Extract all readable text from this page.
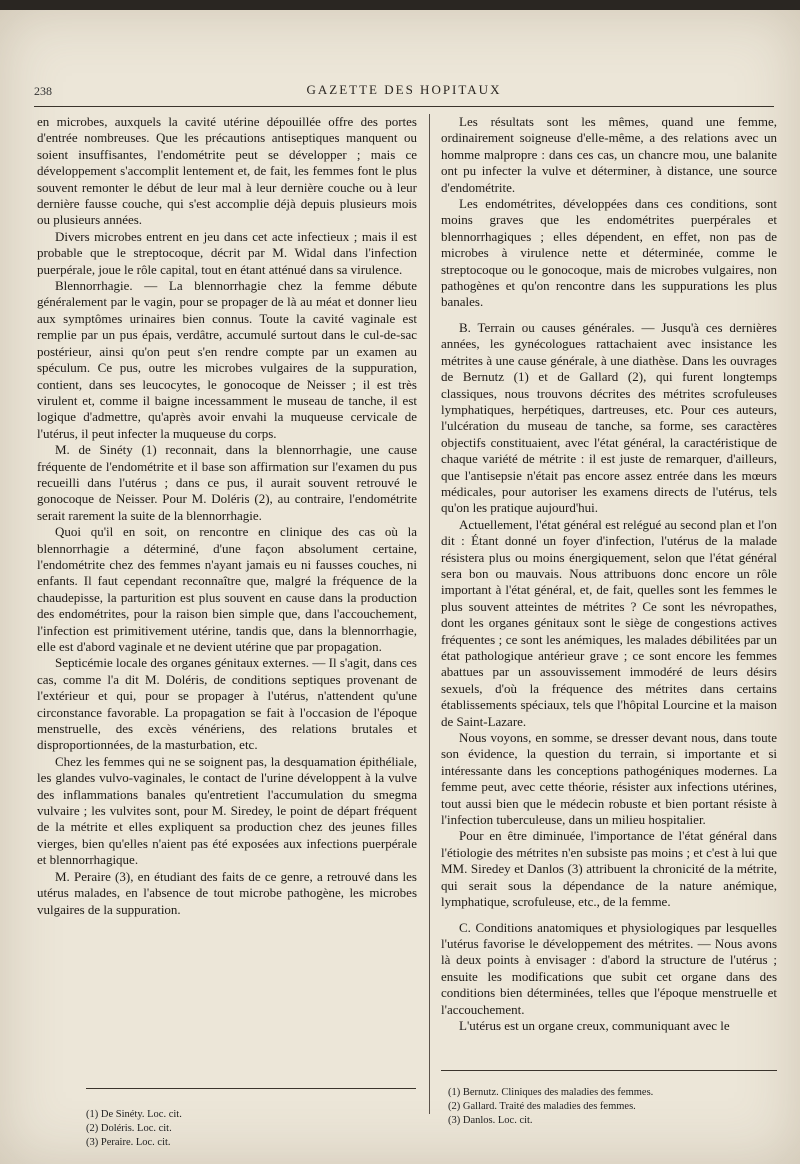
238	GAZETTE DES HOPITAUX

en microbes, auxquels la cavité utérine dépouillée offre des portes d'entrée nombreuses. Que les précautions antiseptiques manquent ou soient insuffisantes, l'endométrite peut se développer ; mais ce développement s'accomplit lentement et, de fait, les femmes font le plus souvent remonter le début de leur mal à leur dernière couche ou à leur dernière fausse couche, qui s'est accomplie déjà depuis plusieurs mois ou plusieurs années.

Divers microbes entrent en jeu dans cet acte infectieux ; mais il est probable que le streptocoque, décrit par M. Widal dans l'infection puerpérale, joue le rôle capital, tout en étant atténué dans sa virulence.

Blennorrhagie. — La blennorrhagie chez la femme débute généralement par le vagin, pour se propager de là au méat et donner lieu aux symptômes urinaires bien connus. Toute la cavité vaginale est remplie par un pus épais, verdâtre, accumulé surtout dans le cul-de-sac postérieur, ainsi qu'on peut s'en rendre compte par un examen au spéculum. Ce pus, outre les microbes vulgaires de la suppuration, contient, dans ses leucocytes, le gonocoque de Neisser ; il est très virulent et, comme il baigne incessamment le museau de tanche, il est logique d'admettre, qu'après avoir envahi la muqueuse cervicale de l'utérus, il peut infecter la muqueuse du corps.

M. de Sinéty (1) reconnait, dans la blennorrhagie, une cause fréquente de l'endométrite et il base son affirmation sur l'examen du pus recueilli dans l'utérus ; dans ce pus, il aurait souvent retrouvé le gonocoque de Neisser. Pour M. Doléris (2), au contraire, l'endométrite serait rarement la suite de la blennorrhagie.

Quoi qu'il en soit, on rencontre en clinique des cas où la blennorrhagie a déterminé, d'une façon absolument certaine, l'endométrite chez des femmes n'ayant jamais eu ni fausses couches, ni enfants. Il faut cependant reconnaître que, malgré la fréquence de la chaudepisse, la parturition est plus souvent en cause dans la production des endométrites, pour la raison bien simple que, dans l'accouchement, l'infection est primitivement utérine, tandis que, dans la blennorrhagie, elle est d'abord vaginale et ne devient utérine que par propagation.

Septicémie locale des organes génitaux externes. — Il s'agit, dans ces cas, comme l'a dit M. Doléris, de conditions septiques provenant de l'extérieur et qui, pour se propager à l'utérus, n'attendent qu'une circonstance favorable. La propagation se fait à l'occasion de l'époque menstruelle, des excès vénériens, des relations brutales et disproportionnées, de la masturbation, etc.

Chez les femmes qui ne se soignent pas, la desquamation épithéliale, les glandes vulvo-vaginales, le contact de l'urine développent à la vulve des inflammations banales qu'entretient l'accumulation du smegma vulvaire ; les vulvites sont, pour M. Siredey, le point de départ fréquent de la métrite et elles expliquent sa production chez des jeunes filles vierges, bien qu'elles n'aient pas été exposées aux infections puerpérale et blennorrhagique.

M. Peraire (3), en étudiant des faits de ce genre, a retrouvé dans les utérus malades, en l'absence de tout microbe pathogène, les microbes vulgaires de la suppuration.

(1) De Sinéty. Loc. cit.

(2) Doléris. Loc. cit.

(3) Peraire. Loc. cit.

Les résultats sont les mêmes, quand une femme, ordinairement soigneuse d'elle-même, a des relations avec un homme malpropre : dans ces cas, un chancre mou, une balanite ont pu infecter la vulve et déterminer, à distance, une source d'endométrite.

Les endométrites, développées dans ces conditions, sont moins graves que les endométrites puerpérales et blennorrhagiques ; elles dépendent, en effet, non pas de microbes à virulence nette et déterminée, comme le streptocoque ou le gonocoque, mais de microbes vulgaires, non pathogènes et qu'on rencontre dans les suppurations les plus banales.

B. Terrain ou causes générales. — Jusqu'à ces dernières années, les gynécologues rattachaient avec insistance les métrites à une cause générale, à une diathèse. Dans les ouvrages de Bernutz (1) et de Gallard (2), qui furent longtemps classiques, nous trouvons décrites des métrites scrofuleuses lymphatiques, herpétiques, dartreuses, etc. Pour ces auteurs, l'ulcération du museau de tanche, sa forme, ses caractères objectifs constituaient, avec l'état général, la caractéristique de chaque variété de métrite : il est juste de remarquer, d'ailleurs, que l'antisepsie n'était pas encore assez entrée dans les mœurs médicales, pour autoriser les examens directs de l'utérus, tels qu'on les pratique aujourd'hui.

Actuellement, l'état général est relégué au second plan et l'on dit : Étant donné un foyer d'infection, l'utérus de la malade résistera plus ou moins énergiquement, selon que l'état général sera bon ou mauvais. Nous attribuons donc encore un rôle important à l'état général, et, de fait, quelles sont les femmes le plus souvent atteintes de métrites ? Ce sont les névropathes, dont les organes génitaux sont le siège de congestions actives fréquentes ; ce sont les anémiques, les malades débilitées par un état pathologique antérieur grave ; ce sont encore les femmes abattues par un assouvissement immodéré de leurs désirs sexuels, d'où la fréquence des métrites dans certains établissements spéciaux, tels que l'hôpital Lourcine et la maison de Saint-Lazare.

Nous voyons, en somme, se dresser devant nous, dans toute son évidence, la question du terrain, si importante et si intéressante dans les conceptions pathogéniques modernes. La femme peut, avec cette théorie, résister aux infections utérines, tout aussi bien que le médecin robuste et bien portant résiste à l'infection tuberculeuse, dans un milieu hospitalier.

Pour en être diminuée, l'importance de l'état général dans l'étiologie des métrites n'en subsiste pas moins ; et c'est à lui que MM. Siredey et Danlos (3) attribuent la chronicité de la métrite, qui serait sous la dépendance de la nature anémique, lymphatique, scrofuleuse, etc., de la femme.

C. Conditions anatomiques et physiologiques par lesquelles l'utérus favorise le développement des métrites. — Nous avons là deux points à envisager : d'abord la structure de l'utérus ; ensuite les modifications que subit cet organe dans des conditions bien déterminées, telles que l'époque menstruelle et l'accouchement.

L'utérus est un organe creux, communiquant avec le

(1) Bernutz. Cliniques des maladies des femmes.

(2) Gallard. Traité des maladies des femmes.

(3) Danlos. Loc. cit.
